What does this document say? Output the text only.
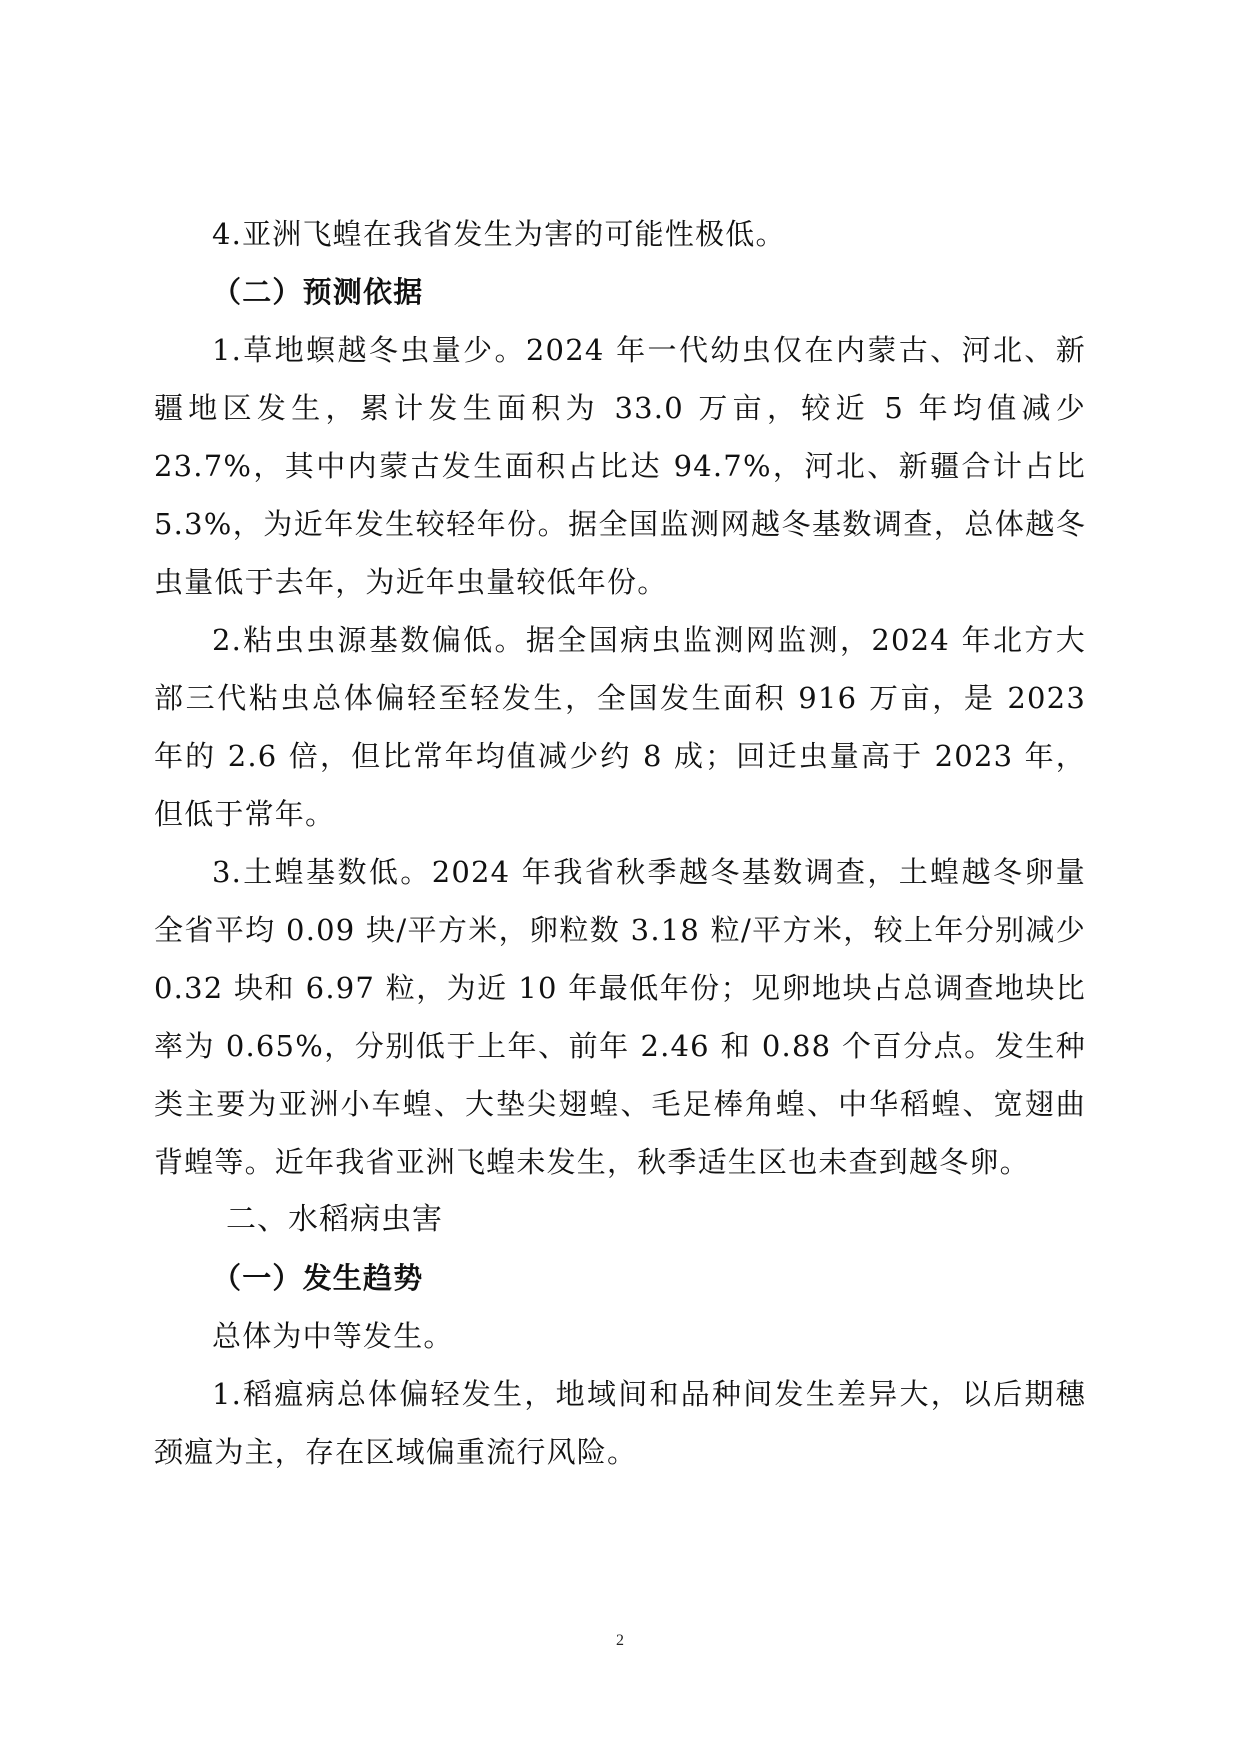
4.亚洲飞蝗在我省发生为害的可能性极低。

（二）预测依据

1.草地螟越冬虫量少。2024 年一代幼虫仅在内蒙古、河北、新疆地区发生，累计发生面积为 33.0 万亩，较近 5 年均值减少 23.7%，其中内蒙古发生面积占比达 94.7%，河北、新疆合计占比 5.3%，为近年发生较轻年份。据全国监测网越冬基数调查，总体越冬虫量低于去年，为近年虫量较低年份。

2.粘虫虫源基数偏低。据全国病虫监测网监测，2024 年北方大部三代粘虫总体偏轻至轻发生，全国发生面积 916 万亩，是 2023 年的 2.6 倍，但比常年均值减少约 8 成；回迁虫量高于 2023 年，但低于常年。

3.土蝗基数低。2024 年我省秋季越冬基数调查，土蝗越冬卵量全省平均 0.09 块/平方米，卵粒数 3.18 粒/平方米，较上年分别减少 0.32 块和 6.97 粒，为近 10 年最低年份；见卵地块占总调查地块比率为 0.65%，分别低于上年、前年 2.46 和 0.88 个百分点。发生种类主要为亚洲小车蝗、大垫尖翅蝗、毛足棒角蝗、中华稻蝗、宽翅曲背蝗等。近年我省亚洲飞蝗未发生，秋季适生区也未查到越冬卵。

二、水稻病虫害

（一）发生趋势

总体为中等发生。

1.稻瘟病总体偏轻发生，地域间和品种间发生差异大，以后期穗颈瘟为主，存在区域偏重流行风险。

2
